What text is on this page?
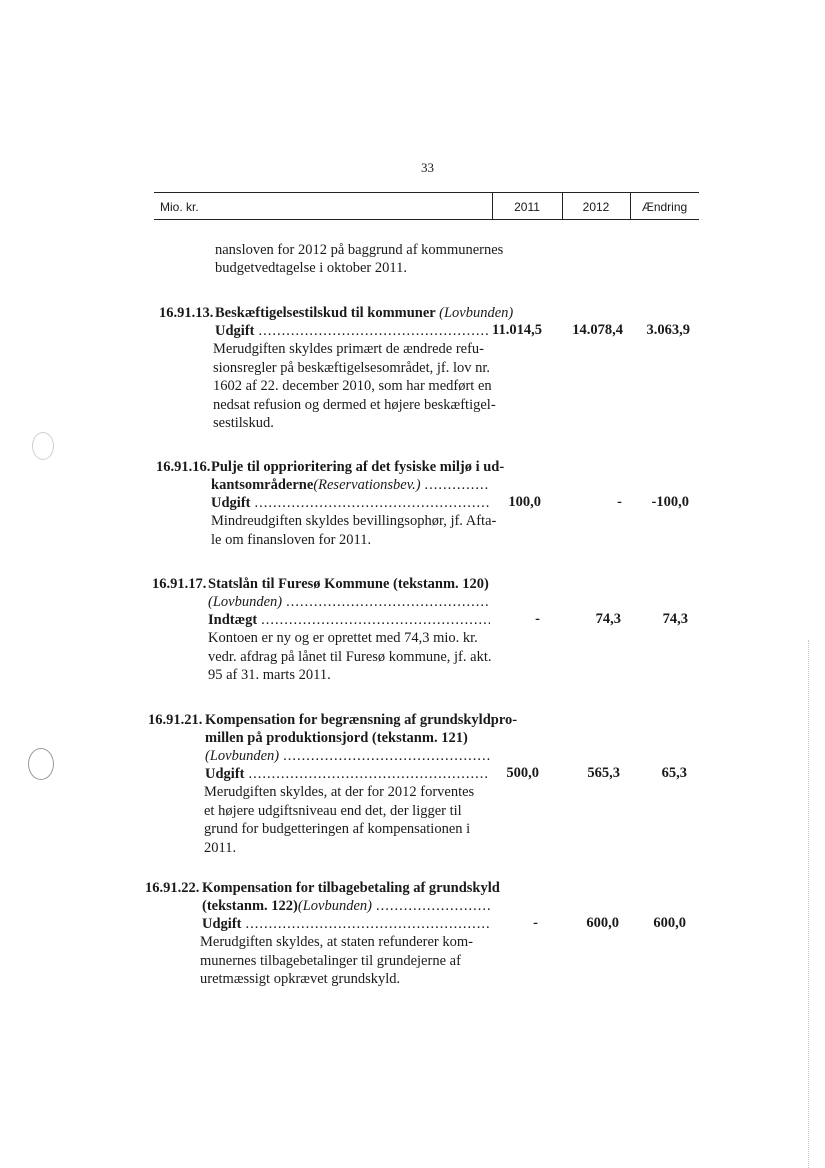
33
Mio. kr.	2011	2012	Ændring
nansloven for 2012 på baggrund af kommunernes
budgetvedtagelse i oktober 2011.
16.91.13. Beskæftigelsestilskud til kommuner (Lovbunden)
Udgift .....	11.014,5	14.078,4	3.063,9
Merudgiften skyldes primært de ændrede refu-
sionsregler på beskæftigelsesområdet, jf. lov nr.
1602 af 22. december 2010, som har medført en
nedsat refusion og dermed et højere beskæftigel-
sestilskud.
16.91.16. Pulje til opprioritering af det fysiske miljø i ud-
kantsområderne (Reservationsbev.)
.....
Udgift .....	100,0	-	-100,0
Mindreudgiften skyldes bevillingsophør, jf. Afta-
le om finansloven for 2011.
16.91.17. Statslån til Furesø Kommune (tekstanm. 120)
(Lovbunden)
.....
Indtægt .....	-	74,3	74,3
Kontoen er ny og er oprettet med 74,3 mio. kr.
vedr. afdrag på lånet til Furesø kommune, jf. akt.
95 af 31. marts 2011.
16.91.21. Kompensation for begrænsning af grundskyldpro-
millen på produktionsjord (tekstanm. 121)
(Lovbunden)
.....
Udgift .....	500,0	565,3	65,3
Merudgiften skyldes, at der for 2012 forventes
et højere udgiftsniveau end det, der ligger til
grund for budgetteringen af kompensationen i
2011.
16.91.22. Kompensation for tilbagebetaling af grundskyld
(tekstanm. 122) (Lovbunden)
.....
Udgift .....	-	600,0	600,0
Merudgiften skyldes, at staten refunderer kom-
munernes tilbagebetalinger til grundejerne af
uretmæssigt opkrævet grundskyld.
